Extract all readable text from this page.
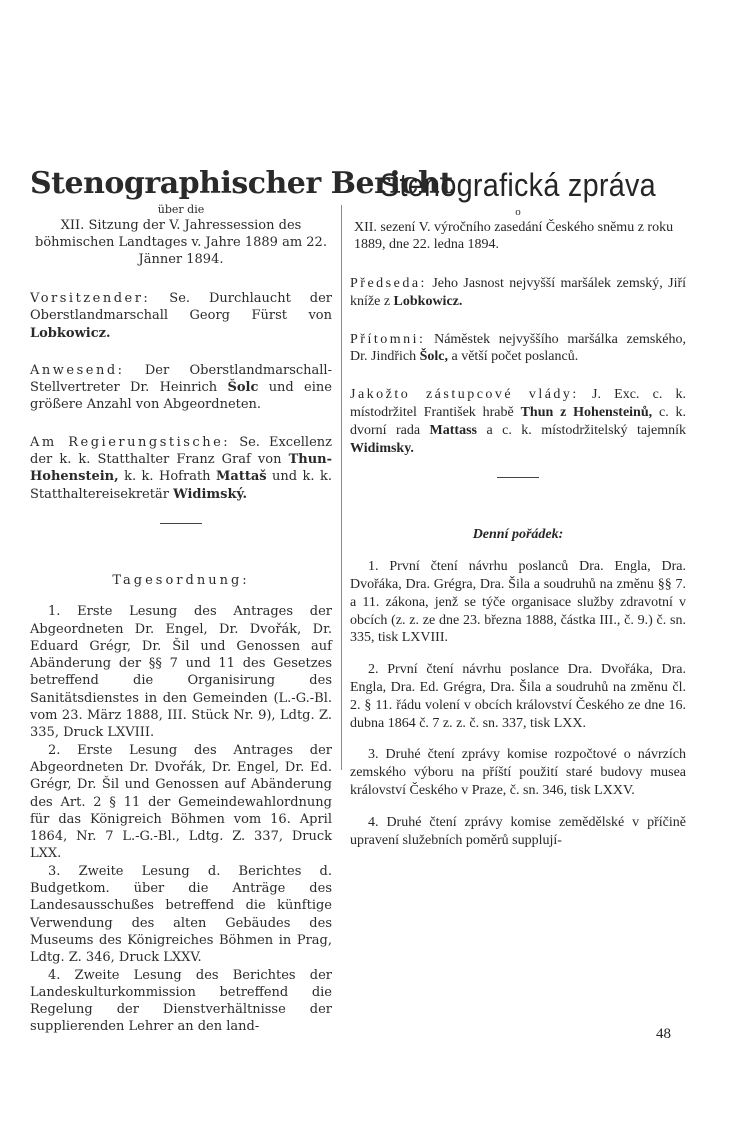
Stenographischer Bericht

über die

XII. Sitzung der V. Jahressession des böhmischen Landtages v. Jahre 1889 am 22. Jänner 1894.

Vorsitzender: Se. Durchlaucht der Oberstlandmarschall Georg Fürst von Lobkowicz.

Anwesend: Der Oberstlandmarschall-Stellvertreter Dr. Heinrich Šolc und eine größere Anzahl von Abgeordneten.

Am Regierungstische: Se. Excellenz der k. k. Statthalter Franz Graf von Thun-Hohenstein, k. k. Hofrath Mattaš und k. k. Statthaltereisekretär Widimský.

Tagesordnung:

1. Erste Lesung des Antrages der Abgeordneten Dr. Engel, Dr. Dvořák, Dr. Eduard Grégr, Dr. Šil und Genossen auf Abänderung der §§ 7 und 11 des Gesetzes betreffend die Organisirung des Sanitätsdienstes in den Gemeinden (L.-G.-Bl. vom 23. März 1888, III. Stück Nr. 9), Ldtg. Z. 335, Druck LXVIII.

2. Erste Lesung des Antrages der Abgeordneten Dr. Dvořák, Dr. Engel, Dr. Ed. Grégr, Dr. Šil und Genossen auf Abänderung des Art. 2 § 11 der Gemeindewahlordnung für das Königreich Böhmen vom 16. April 1864, Nr. 7 L.-G.-Bl., Ldtg. Z. 337, Druck LXX.

3. Zweite Lesung d. Berichtes d. Budgetkom. über die Anträge des Landesausschußes betreffend die künftige Verwendung des alten Gebäudes des Museums des Königreiches Böhmen in Prag, Ldtg. Z. 346, Druck LXXV.

4. Zweite Lesung des Berichtes der Landeskulturkommission betreffend die Regelung der Dienstverhältnisse der supplierenden Lehrer an den land-

Stenografická zpráva

o

XII. sezení V. výročního zasedání Českého sněmu z roku 1889, dne 22. ledna 1894.

Předseda: Jeho Jasnost nejvyšší maršálek zemský, Jiří kníže z Lobkowicz.

Přítomni: Náměstek nejvyššího maršálka zemského, Dr. Jindřich Šolc, a větší počet poslanců.

Jakožto zástupcové vlády: J. Exc. c. k. místodržitel František hrabě Thun z Hohensteinů, c. k. dvorní rada Mattass a c. k. místodržitelský tajemník Widimsky.

Denní pořádek:

1. První čtení návrhu poslanců Dra. Engla, Dra. Dvořáka, Dra. Grégra, Dra. Šila a soudruhů na změnu §§ 7. a 11. zákona, jenž se týče organisace služby zdravotní v obcích (z. z. ze dne 23. března 1888, částka III., č. 9.) č. sn. 335, tisk LXVIII.

2. První čtení návrhu poslance Dra. Dvořáka, Dra. Engla, Dra. Ed. Grégra, Dra. Šila a soudruhů na změnu čl. 2. § 11. řádu volení v obcích království Českého ze dne 16. dubna 1864 č. 7 z. z. č. sn. 337, tisk LXX.

3. Druhé čtení zprávy komise rozpočtové o návrzích zemského výboru na příští použití staré budovy musea království Českého v Praze, č. sn. 346, tisk LXXV.

4. Druhé čtení zprávy komise zemědělské v příčině upravení služebních poměrů supplují-

48
